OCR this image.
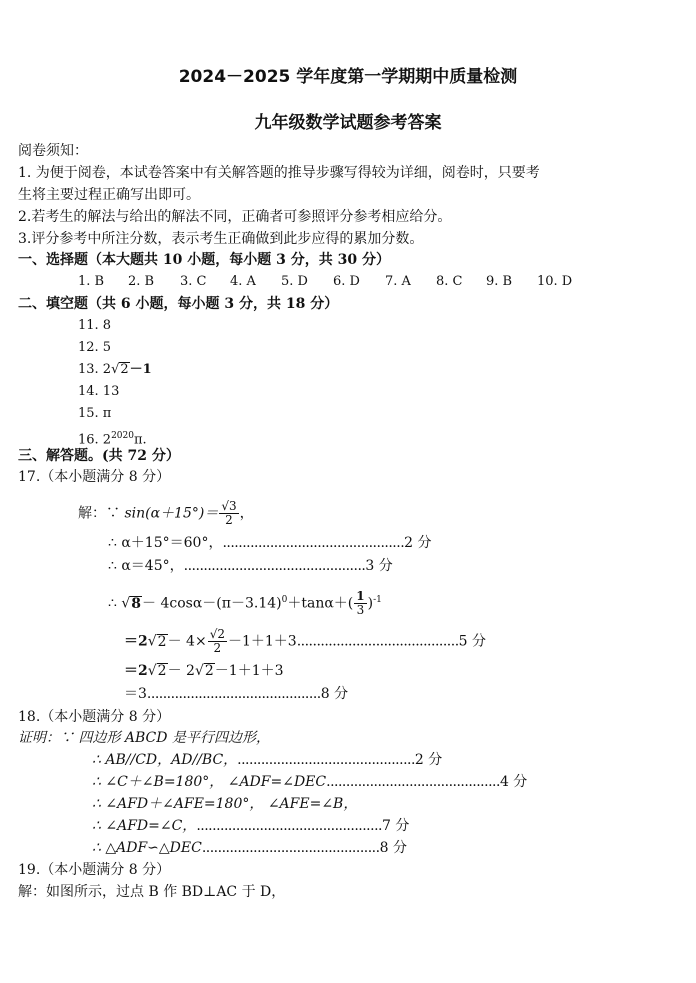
2024－2025 学年度第一学期期中质量检测
九年级数学试题参考答案
阅卷须知：
1. 为便于阅卷，本试卷答案中有关解答题的推导步骤写得较为详细，阅卷时，只要考
生将主要过程正确写出即可。
2.若考生的解法与给出的解法不同，正确者可参照评分参考相应给分。
3.评分参考中所注分数，表示考生正确做到此步应得的累加分数。
一、选择题（本大题共 10 小题，每小题 3 分，共 30 分）
1. B 2. B 3. C 4. A 5. D 6. D 7. A 8. C 9. B 10. D
二、填空题（共 6 小题，每小题 3 分，共 18 分）
11. 8
12. 5
13. 2√2－1
14. 13
15. π
16. $2^{2020}\pi$.
三、解答题。(共 72 分）
17.（本小题满分 8 分）
解：∵ $\sin(\alpha+15^\circ)= \frac{√3}{2}$ ，
∴ α＋15°＝60°，..............................................2 分
∴ α＝45°，..............................................3 分
∴ $√8- 4\cos\alpha-(\pi-3.14)^0+\tan\alpha+( \frac{1}{3} )^{-1}$
$=2√2- 4\times \frac{√2}{2} -1+1+3.........................................5$ 分
＝2√2－ 2√2－1＋1＋3
＝3............................................8 分
18.（本小题满分 8 分）
证明：∵ 四边形 ABCD 是平行四边形，
∴ AB//CD，AD//BC，.............................................2 分
∴ ∠C＋∠B=180°， ∠ADF=∠DEC............................................4 分
∴ ∠AFD＋∠AFE=180°， ∠AFE=∠B，
∴ ∠AFD=∠C，...............................................7 分
∴ △ADF∽△DEC.............................................8 分
19.（本小题满分 8 分）
解：如图所示，过点 B 作 BD⊥AC 于 D，
